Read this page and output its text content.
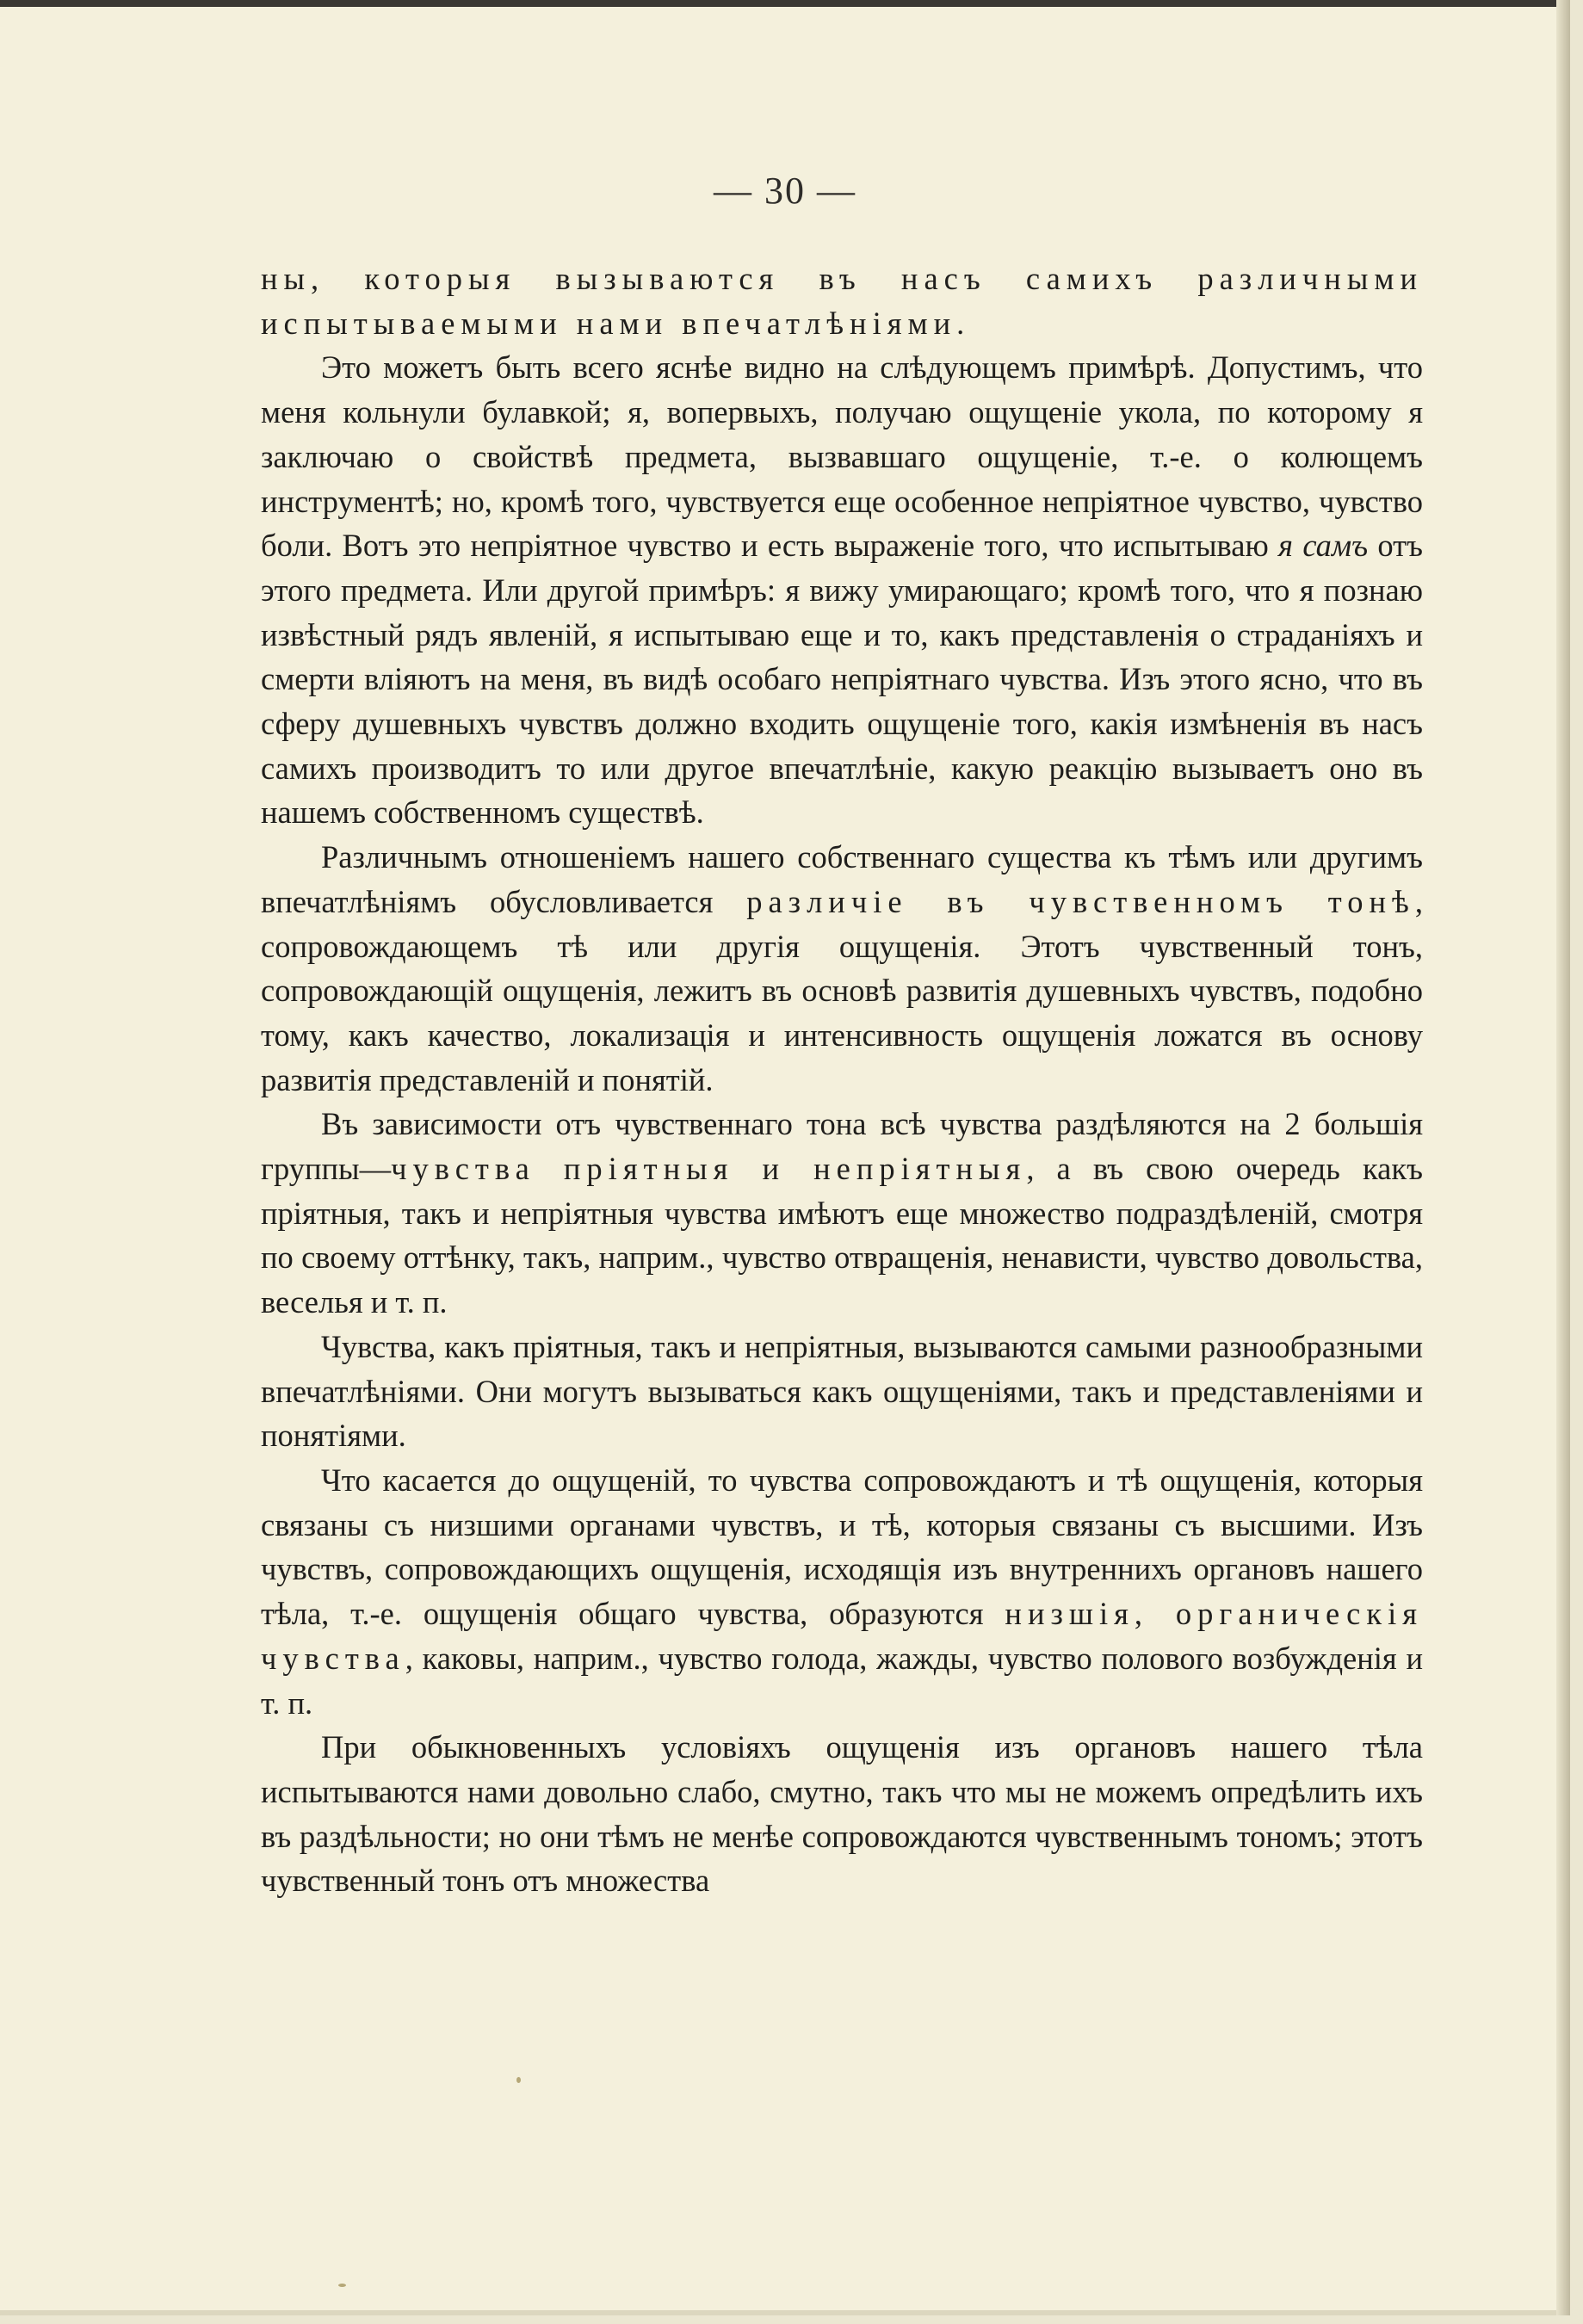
— 30 —

ны, которыя вызываются въ насъ самихъ различными испытываемыми нами впечатлѣніями.

Это можетъ быть всего яснѣе видно на слѣдующемъ примѣрѣ. Допустимъ, что меня кольнули булавкой; я, вопервыхъ, получаю ощущеніе укола, по которому я заключаю о свойствѣ предмета, вызвавшаго ощущеніе, т.-е. о колющемъ инструментѣ; но, кромѣ того, чувствуется еще особенное непріятное чувство, чувство боли. Вотъ это непріятное чувство и есть выраженіе того, что испытываю я самъ отъ этого предмета. Или другой примѣръ: я вижу умирающаго; кромѣ того, что я познаю извѣстный рядъ явленій, я испытываю еще и то, какъ представленія о страданіяхъ и смерти вліяютъ на меня, въ видѣ особаго непріятнаго чувства. Изъ этого ясно, что въ сферу душевныхъ чувствъ должно входить ощущеніе того, какія измѣненія въ насъ самихъ производитъ то или другое впечатлѣніе, какую реакцію вызываетъ оно въ нашемъ собственномъ существѣ.

Различнымъ отношеніемъ нашего собственнаго существа къ тѣмъ или другимъ впечатлѣніямъ обусловливается различіе въ чувственномъ тонѣ, сопровождающемъ тѣ или другія ощущенія. Этотъ чувственный тонъ, сопровождающій ощущенія, лежитъ въ основѣ развитія душевныхъ чувствъ, подобно тому, какъ качество, локализація и интенсивность ощущенія ложатся въ основу развитія представленій и понятій.

Въ зависимости отъ чувственнаго тона всѣ чувства раздѣляются на 2 большія группы—чувства пріятныя и непріятныя, а въ свою очередь какъ пріятныя, такъ и непріятныя чувства имѣютъ еще множество подраздѣленій, смотря по своему оттѣнку, такъ, наприм., чувство отвращенія, ненависти, чувство довольства, веселья и т. п.

Чувства, какъ пріятныя, такъ и непріятныя, вызываются самыми разнообразными впечатлѣніями. Они могутъ вызываться какъ ощущеніями, такъ и представленіями и понятіями.

Что касается до ощущеній, то чувства сопровождаютъ и тѣ ощущенія, которыя связаны съ низшими органами чувствъ, и тѣ, которыя связаны съ высшими. Изъ чувствъ, сопровождающихъ ощущенія, исходящія изъ внутреннихъ органовъ нашего тѣла, т.-е. ощущенія общаго чувства, образуются низшія, органическія чувства, каковы, наприм., чувство голода, жажды, чувство полового возбужденія и т. п.

При обыкновенныхъ условіяхъ ощущенія изъ органовъ нашего тѣла испытываются нами довольно слабо, смутно, такъ что мы не можемъ опредѣлить ихъ въ раздѣльности; но они тѣмъ не менѣе сопровождаются чувственнымъ тономъ; этотъ чувственный тонъ отъ множества
